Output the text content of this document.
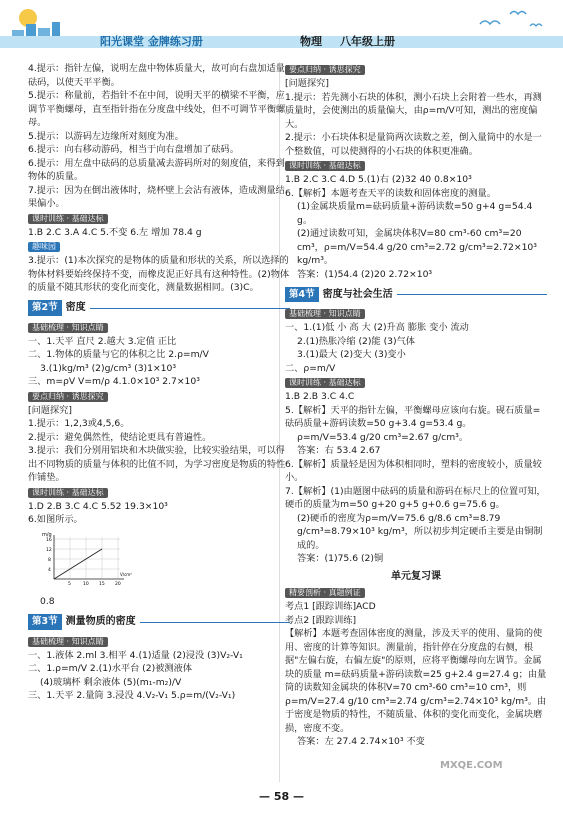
阳光课堂 金牌练习册	物理 八年级上册

4.提示：指针左偏，说明左盘中物体质量大，故可向右盘加适量砝码，以使天平平衡。

5.提示：称量前，若指针不在中间，说明天平的横梁不平衡，应调节平衡螺母，直至指针指在分度盘中线处，但不可调节平衡螺母。

5.提示：以游码左边缘所对刻度为准。

6.提示：向右移动游码，相当于向右盘增加了砝码。

6.提示：用左盘中砝码的总质量减去游码所对的刻度值，来得到物体的质量。

7.提示：因为在倒出液体时，烧杯壁上会沾有液体，造成测量结果偏小。

课时训练 · 基础达标

1.B 2.C 3.A 4.C 5.不变 6.左 增加 78.4 g

趣味园

3.提示：(1)本次探究的是物体的质量和形状的关系，所以选择的物体材料要始终保持不变，而橡皮泥正好具有这种特性。(2)物体的质量不随其形状的变化而变化，测量数据相同。(3)C。

第2节 密度
基础梳理 · 知识点睛

一、1.天平 直尺 2.越大 3.定值 正比

二、1.物体的质量与它的体积之比 2.ρ=m/V

3.(1)kg/m³ (2)g/cm³ (3)1×10³

三、m=ρV V=m/ρ 4.1.0×10³ 2.7×10³

要点归纳 · 诱思探究

[问题探究]

1.提示：1,2,3或4,5,6。

2.提示：避免偶然性，使结论更具有普遍性。

3.提示：我们分别用铝块和木块做实验，比较实验结果，可以得出不同物质的质量与体积的比值不同，为学习密度是物质的特性作铺垫。

课时训练 · 基础达标

1.D 2.B 3.C 4.C 5.52 19.3×10³

6.如图所示。

m/g
16
12
8
4
5	10 15 20
V/cm³

0.8

第3节 测量物质的密度
基础梳理 · 知识点睛

一、1.液体 2.ml 3.相平 4.(1)适量 (2)浸没 (3)V₂-V₁

二、1.ρ=m/V 2.(1)水平台 (2)被测液体

(4)玻璃杯 剩余液体 (5)(m₁-m₂)/V

三、1.天平 2.量筒 3.浸没 4.V₂-V₁ 5.ρ=m/(V₂-V₁)

要点归纳 · 诱思探究

[问题探究]

1.提示：若先测小石块的体积，测小石块上会附着一些水，再测质量时，会使测出的质量偏大，由ρ=m/V可知，测出的密度偏大。

2.提示：小石块体积是量筒两次读数之差，倒入量筒中的水是一个整数值，可以使测得的小石块的体积更准确。

课时训练 · 基础达标

1.B 2.C 3.C 4.D 5.(1)右 (2)32 40 0.8×10³

6.【解析】本题考查天平的读数和固体密度的测量。

(1)金属块质量m=砝码质量+游码读数=50 g+4 g=54.4 g。

(2)通过读数可知，金属块体积V=80 cm³-60 cm³=20 cm³，ρ=m/V=54.4 g/20 cm³=2.72 g/cm³=2.72×10³ kg/m³。

答案：(1)54.4 (2)20 2.72×10³

第4节 密度与社会生活
基础梳理 · 知识点睛

一、1.(1)低 小 高 大 (2)升高 膨胀 变小 流动

2.(1)热胀冷缩 (2)能 (3)气体

3.(1)最大 (2)变大 (3)变小

二、ρ=m/V

课时训练 · 基础达标

1.B 2.B 3.C 4.C

5.【解析】天平的指针左偏，平衡螺母应该向右旋。砚石质量=砝码质量+游码读数=50 g+3.4 g=53.4 g。

ρ=m/V=53.4 g/20 cm³=2.67 g/cm³。

答案：右 53.4 2.67

6.【解析】质量轻是因为体积相同时，塑料的密度较小，质量较小。

7.【解析】(1)由题图中砝码的质量和游码在标尺上的位置可知，硬币的质量为m=50 g+20 g+5 g+0.6 g=75.6 g。

(2)硬币的密度为ρ=m/V=75.6 g/8.6 cm³=8.79 g/cm³=8.79×10³ kg/m³，所以初步判定硬币主要是由铜制成的。

答案：(1)75.6 (2)铜

单元复习课
精要剖析 · 真题例证

考点1 [跟踪训练]ACD

考点2 [跟踪训练]

【解析】本题考查固体密度的测量，涉及天平的使用、量筒的使用、密度的计算等知识。测量前，指针停在分度盘的右侧，根据"左偏右旋，右偏左旋"的原则，应将平衡螺母向左调节。金属块的质量 m=砝码质量+游码读数=25 g+2.4 g=27.4 g；由量筒的读数知金属块的体积V=70 cm³-60 cm³=10 cm³，则ρ=m/V=27.4 g/10 cm³=2.74 g/cm³=2.74×10³ kg/m³。由于密度是物质的特性，不随质量、体积的变化而变化，金属块磨损，密度不变。

答案：左 27.4 2.74×10³ 不变

— 58 —
MXQE.COM
